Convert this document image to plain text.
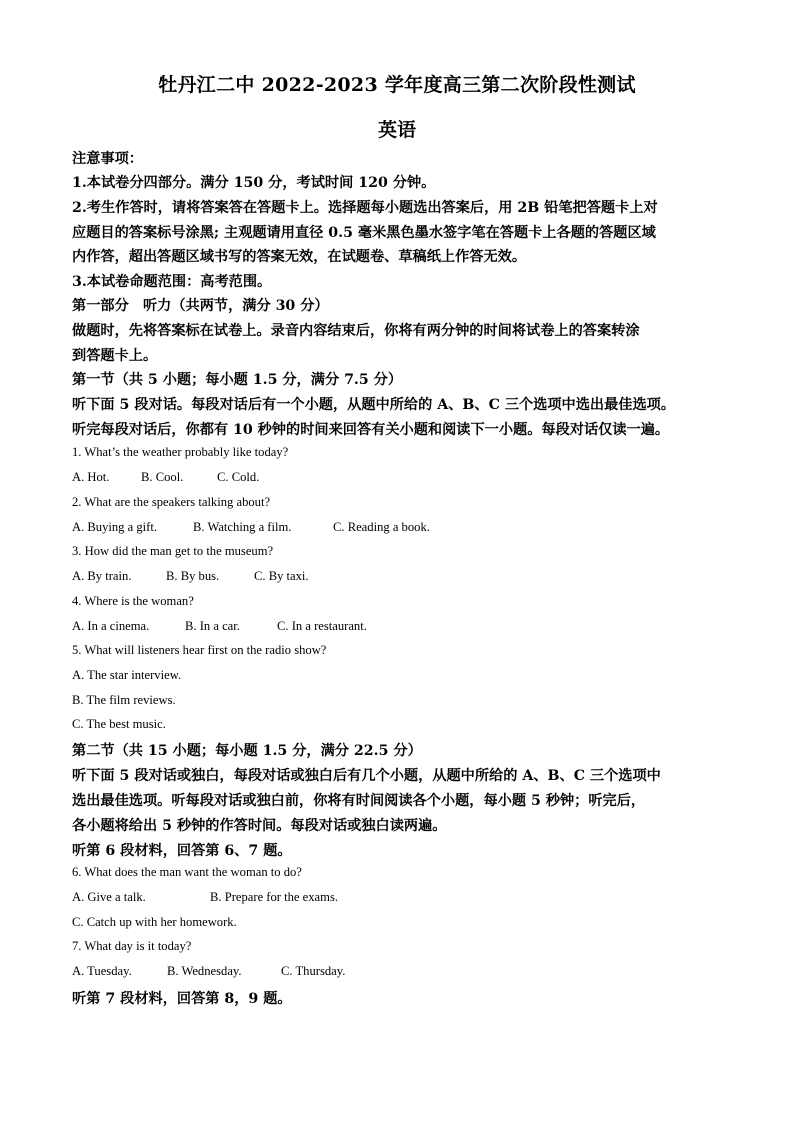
牡丹江二中 2022-2023 学年度高三第二次阶段性测试
英语
注意事项：
1.本试卷分四部分。满分 150 分，考试时间 120 分钟。
2.考生作答时，请将答案答在答题卡上。选择题每小题选出答案后，用 2B 铅笔把答题卡上对
应题目的答案标号涂黑; 主观题请用直径 0.5 毫米黑色墨水签字笔在答题卡上各题的答题区域
内作答，超出答题区域书写的答案无效，在试题卷、草稿纸上作答无效。
3.本试卷命题范围：高考范围。
第一部分　听力（共两节，满分 30 分）
做题时，先将答案标在试卷上。录音内容结束后，你将有两分钟的时间将试卷上的答案转涂
到答题卡上。
第一节（共 5 小题；每小题 1.5 分，满分 7.5 分）
听下面 5 段对话。每段对话后有一个小题，从题中所给的 A、B、C 三个选项中选出最佳选项。
听完每段对话后，你都有 10 秒钟的时间来回答有关小题和阅读下一小题。每段对话仅读一遍。
1. What’s the weather probably like today?
A. Hot.	B. Cool.	C. Cold.
2. What are the speakers talking about?
A. Buying a gift.	B. Watching a film.	C. Reading a book.
3. How did the man get to the museum?
A. By train.	B. By bus.	C. By taxi.
4. Where is the woman?
A. In a cinema.	B. In a car.	C. In a restaurant.
5. What will listeners hear first on the radio show?
A. The star interview.
B. The film reviews.
C. The best music.
第二节（共 15 小题；每小题 1.5 分，满分 22.5 分）
听下面 5 段对话或独白，每段对话或独白后有几个小题，从题中所给的 A、B、C 三个选项中
选出最佳选项。听每段对话或独白前，你将有时间阅读各个小题，每小题 5 秒钟；听完后，
各小题将给出 5 秒钟的作答时间。每段对话或独白读两遍。
听第 6 段材料，回答第 6、7 题。
6. What does the man want the woman to do?
A. Give a talk.	B. Prepare for the exams.
C. Catch up with her homework.
7. What day is it today?
A. Tuesday.	B. Wednesday.	C. Thursday.
听第 7 段材料，回答第 8，9 题。
